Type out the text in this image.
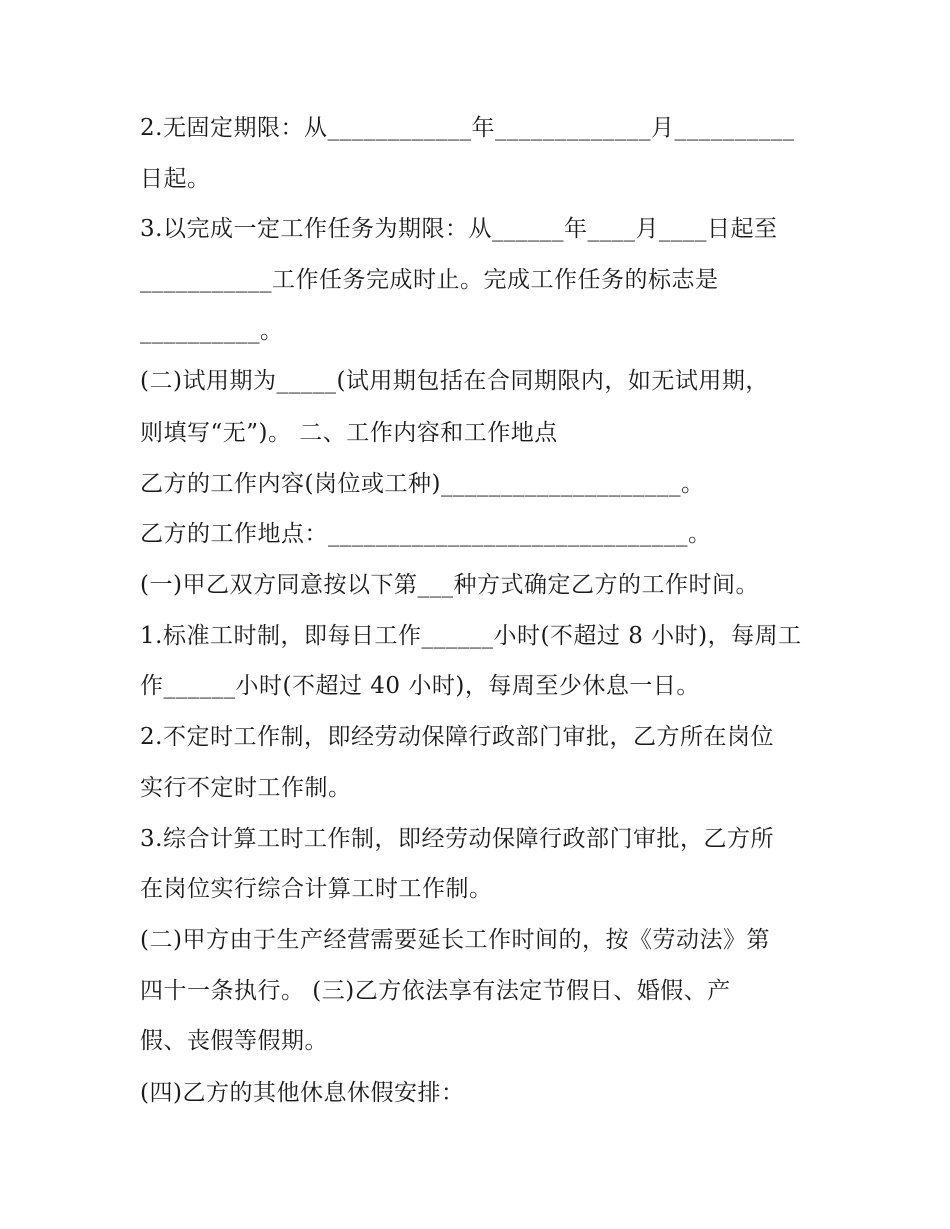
2.无固定期限：从____________年_____________月__________

日起。

3.以完成一定工作任务为期限：从______年____月____日起至

___________工作任务完成时止。完成工作任务的标志是

__________。

(二)试用期为_____(试用期包括在合同期限内，如无试用期，

则填写“无”)。 二、工作内容和工作地点

乙方的工作内容(岗位或工种)____________________。

乙方的工作地点：______________________________。

(一)甲乙双方同意按以下第___种方式确定乙方的工作时间。

1.标准工时制，即每日工作______小时(不超过 8 小时)，每周工

作______小时(不超过 40 小时)，每周至少休息一日。

2.不定时工作制，即经劳动保障行政部门审批，乙方所在岗位

实行不定时工作制。

3.综合计算工时工作制，即经劳动保障行政部门审批，乙方所

在岗位实行综合计算工时工作制。

(二)甲方由于生产经营需要延长工作时间的，按《劳动法》第

四十一条执行。 (三)乙方依法享有法定节假日、婚假、产

假、丧假等假期。

(四)乙方的其他休息休假安排：
